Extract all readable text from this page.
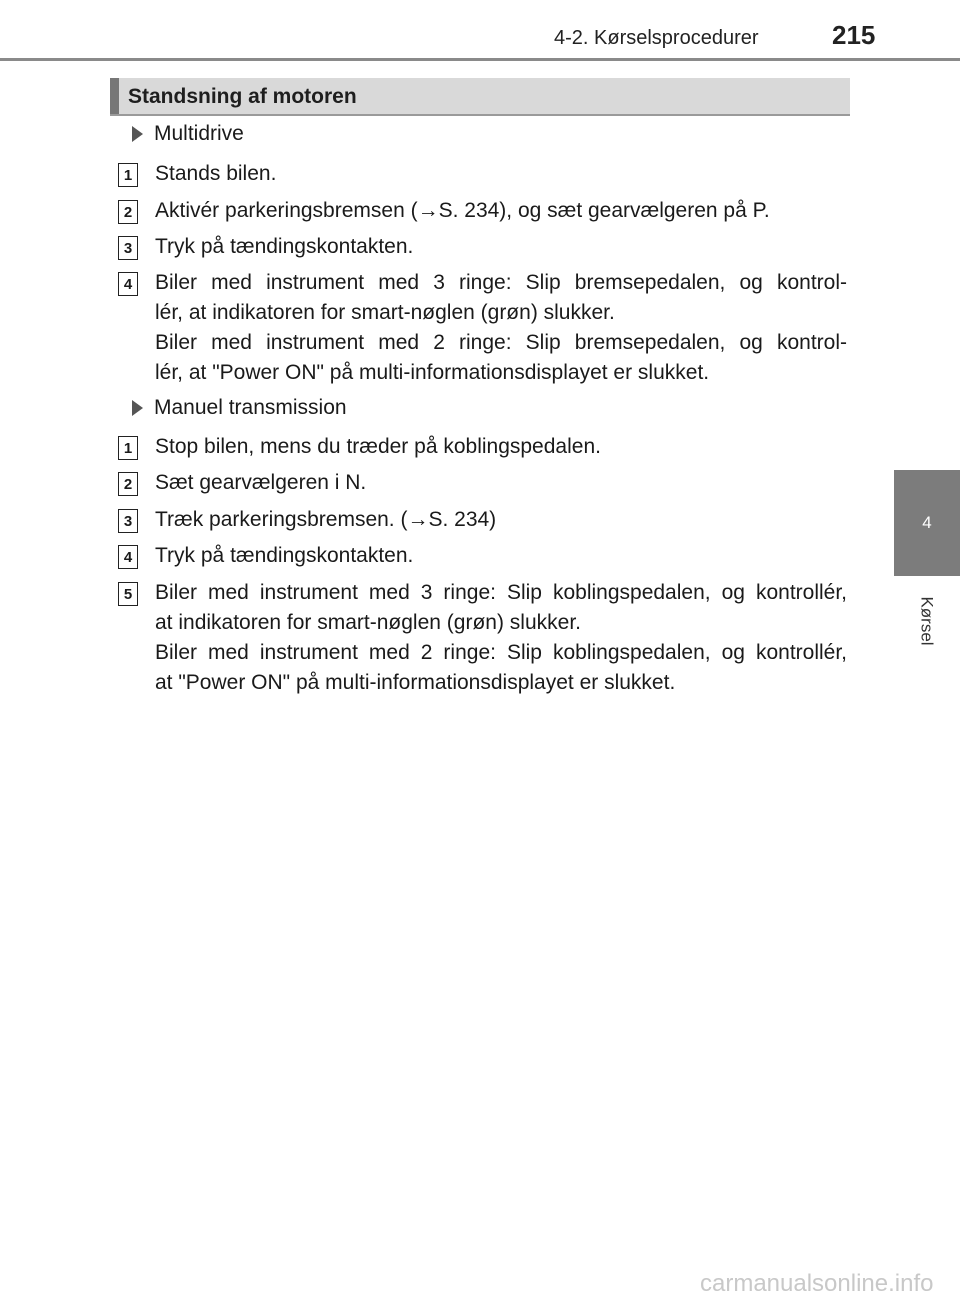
4-2. Kørselsprocedurer	215
4
Kørsel
Standsning af motoren
Multidrive
1 Stands bilen.
2 Aktivér parkeringsbremsen (→S. 234), og sæt gearvælgeren på P.
3 Tryk på tændingskontakten.
4 Biler med instrument med 3 ringe: Slip bremsepedalen, og kontrol-
lér, at indikatoren for smart-nøglen (grøn) slukker.
Biler med instrument med 2 ringe: Slip bremsepedalen, og kontrol-
lér, at "Power ON" på multi-informationsdisplayet er slukket.
Manuel transmission
1 Stop bilen, mens du træder på koblingspedalen.
2 Sæt gearvælgeren i N.
3 Træk parkeringsbremsen. (→S. 234)
4 Tryk på tændingskontakten.
5 Biler med instrument med 3 ringe: Slip koblingspedalen, og kontrollér,
at indikatoren for smart-nøglen (grøn) slukker.
Biler med instrument med 2 ringe: Slip koblingspedalen, og kontrollér,
at "Power ON" på multi-informationsdisplayet er slukket.
carmanualsonline.info
